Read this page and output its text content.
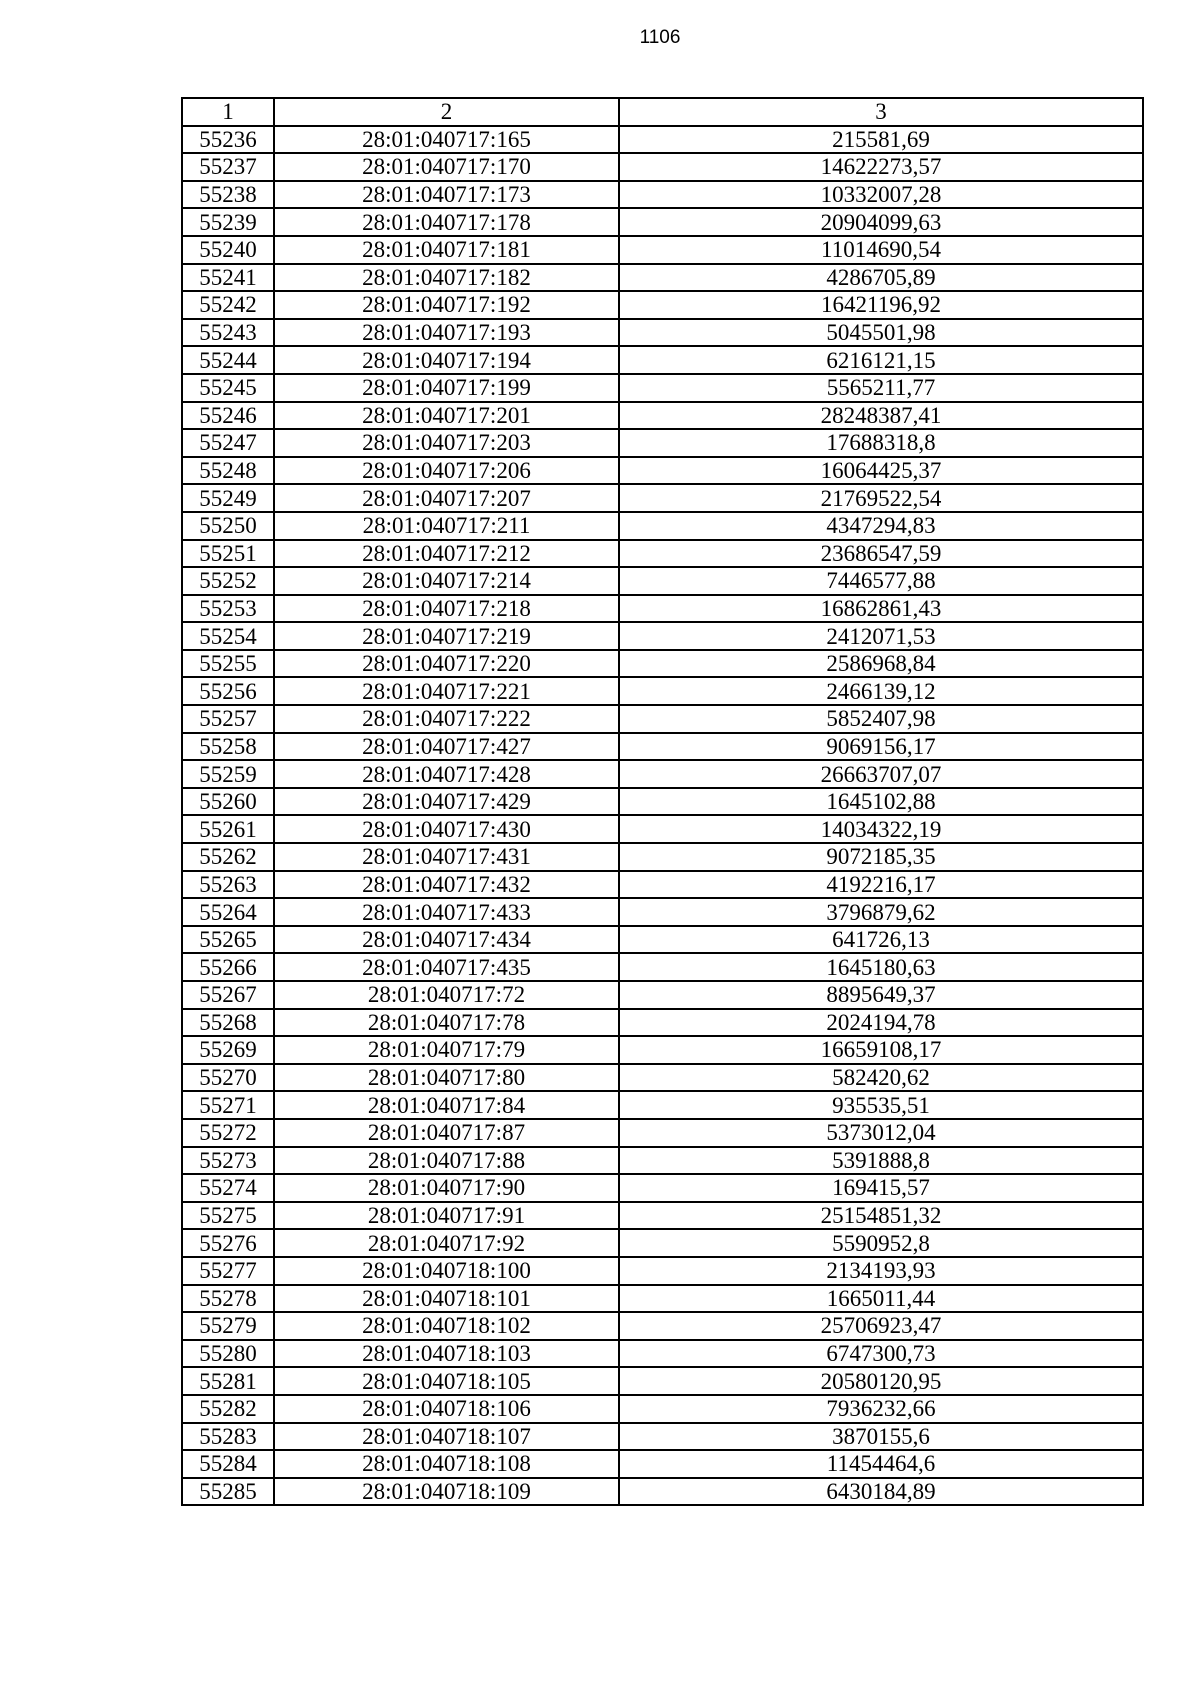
1106
1	2	3
55236	28:01:040717:165	215581,69
55237	28:01:040717:170	14622273,57
55238	28:01:040717:173	10332007,28
55239	28:01:040717:178	20904099,63
55240	28:01:040717:181	11014690,54
55241	28:01:040717:182	4286705,89
55242	28:01:040717:192	16421196,92
55243	28:01:040717:193	5045501,98
55244	28:01:040717:194	6216121,15
55245	28:01:040717:199	5565211,77
55246	28:01:040717:201	28248387,41
55247	28:01:040717:203	17688318,8
55248	28:01:040717:206	16064425,37
55249	28:01:040717:207	21769522,54
55250	28:01:040717:211	4347294,83
55251	28:01:040717:212	23686547,59
55252	28:01:040717:214	7446577,88
55253	28:01:040717:218	16862861,43
55254	28:01:040717:219	2412071,53
55255	28:01:040717:220	2586968,84
55256	28:01:040717:221	2466139,12
55257	28:01:040717:222	5852407,98
55258	28:01:040717:427	9069156,17
55259	28:01:040717:428	26663707,07
55260	28:01:040717:429	1645102,88
55261	28:01:040717:430	14034322,19
55262	28:01:040717:431	9072185,35
55263	28:01:040717:432	4192216,17
55264	28:01:040717:433	3796879,62
55265	28:01:040717:434	641726,13
55266	28:01:040717:435	1645180,63
55267	28:01:040717:72	8895649,37
55268	28:01:040717:78	2024194,78
55269	28:01:040717:79	16659108,17
55270	28:01:040717:80	582420,62
55271	28:01:040717:84	935535,51
55272	28:01:040717:87	5373012,04
55273	28:01:040717:88	5391888,8
55274	28:01:040717:90	169415,57
55275	28:01:040717:91	25154851,32
55276	28:01:040717:92	5590952,8
55277	28:01:040718:100	2134193,93
55278	28:01:040718:101	1665011,44
55279	28:01:040718:102	25706923,47
55280	28:01:040718:103	6747300,73
55281	28:01:040718:105	20580120,95
55282	28:01:040718:106	7936232,66
55283	28:01:040718:107	3870155,6
55284	28:01:040718:108	11454464,6
55285	28:01:040718:109	6430184,89
